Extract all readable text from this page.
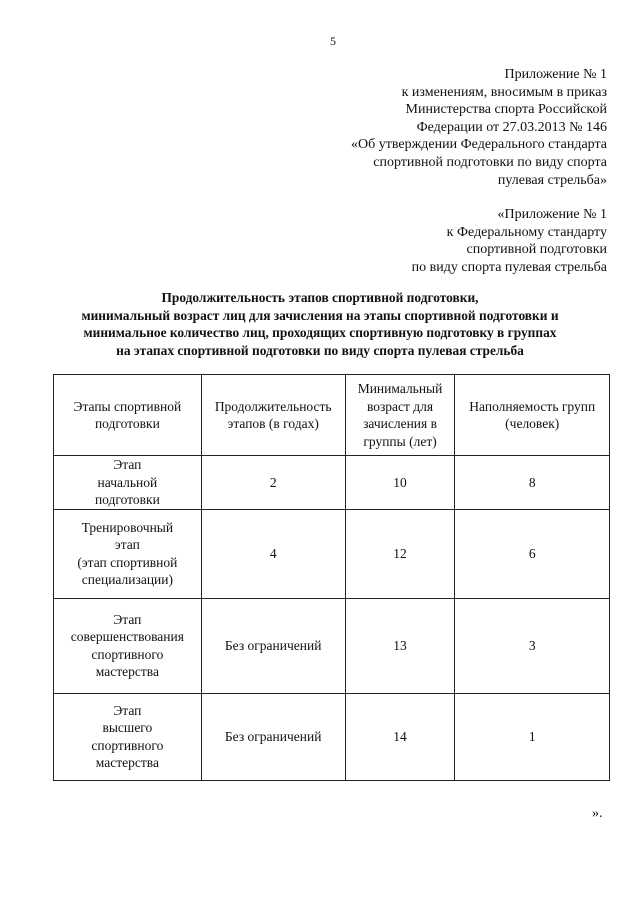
5
Приложение № 1
к изменениям, вносимым в приказ
Министерства спорта Российской
Федерации от 27.03.2013 № 146
«Об утверждении Федерального стандарта
спортивной подготовки по виду спорта
пулевая стрельба»
«Приложение № 1
к Федеральному стандарту
спортивной подготовки
по виду спорта пулевая стрельба
Продолжительность этапов спортивной подготовки,
минимальный возраст лиц для зачисления на этапы спортивной подготовки и
минимальное количество лиц, проходящих спортивную подготовку в группах
на этапах спортивной подготовки по виду спорта пулевая стрельба
Этапы спортивной
подготовки	Продолжительность
этапов (в годах)	Минимальный
возраст для
зачисления в
группы (лет)	Наполняемость групп
(человек)

Этап
начальной
подготовки	2	10	8

Тренировочный
этап
(этап спортивной
специализации)	4	12	6

Этап
совершенствования
спортивного
мастерства	Без ограничений	13	3

Этап
высшего
спортивного
мастерства	Без ограничений	14	1
».
